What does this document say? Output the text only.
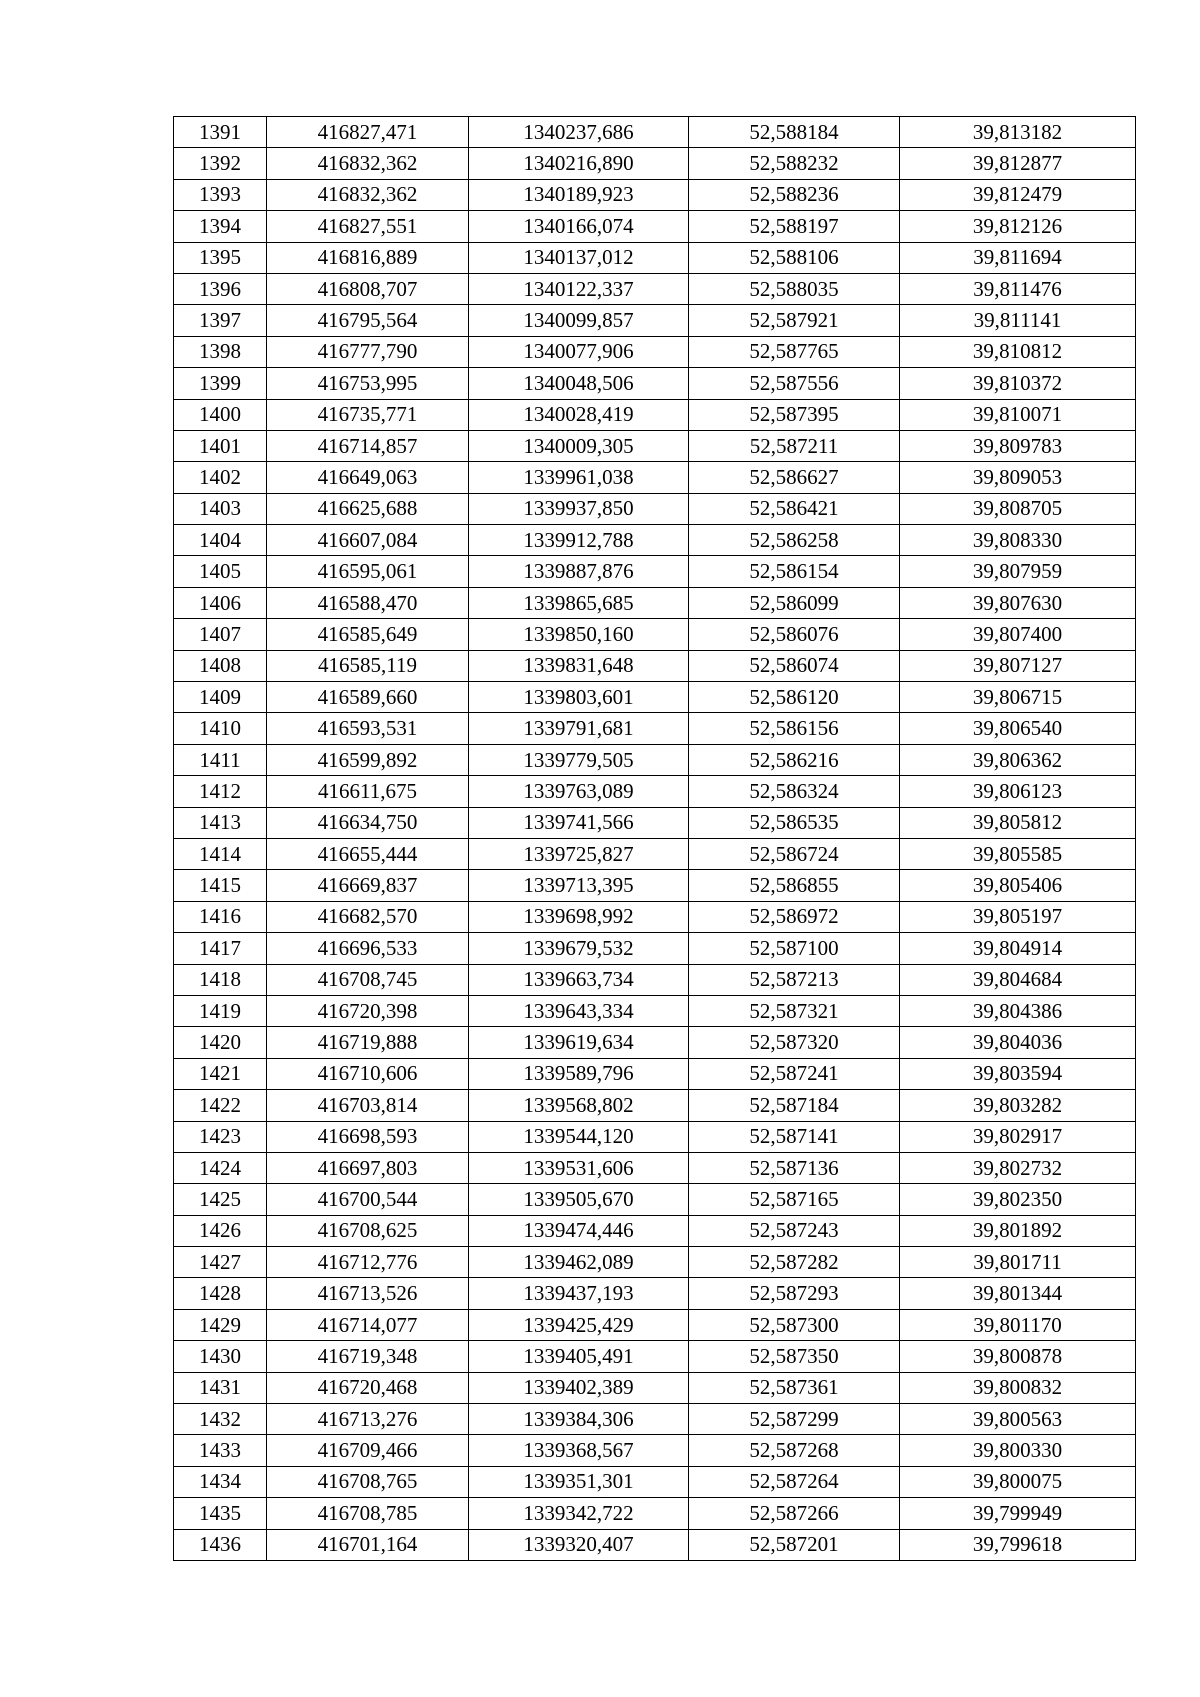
1391	416827,471	1340237,686	52,588184	39,813182
1392	416832,362	1340216,890	52,588232	39,812877
1393	416832,362	1340189,923	52,588236	39,812479
1394	416827,551	1340166,074	52,588197	39,812126
1395	416816,889	1340137,012	52,588106	39,811694
1396	416808,707	1340122,337	52,588035	39,811476
1397	416795,564	1340099,857	52,587921	39,811141
1398	416777,790	1340077,906	52,587765	39,810812
1399	416753,995	1340048,506	52,587556	39,810372
1400	416735,771	1340028,419	52,587395	39,810071
1401	416714,857	1340009,305	52,587211	39,809783
1402	416649,063	1339961,038	52,586627	39,809053
1403	416625,688	1339937,850	52,586421	39,808705
1404	416607,084	1339912,788	52,586258	39,808330
1405	416595,061	1339887,876	52,586154	39,807959
1406	416588,470	1339865,685	52,586099	39,807630
1407	416585,649	1339850,160	52,586076	39,807400
1408	416585,119	1339831,648	52,586074	39,807127
1409	416589,660	1339803,601	52,586120	39,806715
1410	416593,531	1339791,681	52,586156	39,806540
1411	416599,892	1339779,505	52,586216	39,806362
1412	416611,675	1339763,089	52,586324	39,806123
1413	416634,750	1339741,566	52,586535	39,805812
1414	416655,444	1339725,827	52,586724	39,805585
1415	416669,837	1339713,395	52,586855	39,805406
1416	416682,570	1339698,992	52,586972	39,805197
1417	416696,533	1339679,532	52,587100	39,804914
1418	416708,745	1339663,734	52,587213	39,804684
1419	416720,398	1339643,334	52,587321	39,804386
1420	416719,888	1339619,634	52,587320	39,804036
1421	416710,606	1339589,796	52,587241	39,803594
1422	416703,814	1339568,802	52,587184	39,803282
1423	416698,593	1339544,120	52,587141	39,802917
1424	416697,803	1339531,606	52,587136	39,802732
1425	416700,544	1339505,670	52,587165	39,802350
1426	416708,625	1339474,446	52,587243	39,801892
1427	416712,776	1339462,089	52,587282	39,801711
1428	416713,526	1339437,193	52,587293	39,801344
1429	416714,077	1339425,429	52,587300	39,801170
1430	416719,348	1339405,491	52,587350	39,800878
1431	416720,468	1339402,389	52,587361	39,800832
1432	416713,276	1339384,306	52,587299	39,800563
1433	416709,466	1339368,567	52,587268	39,800330
1434	416708,765	1339351,301	52,587264	39,800075
1435	416708,785	1339342,722	52,587266	39,799949
1436	416701,164	1339320,407	52,587201	39,799618
